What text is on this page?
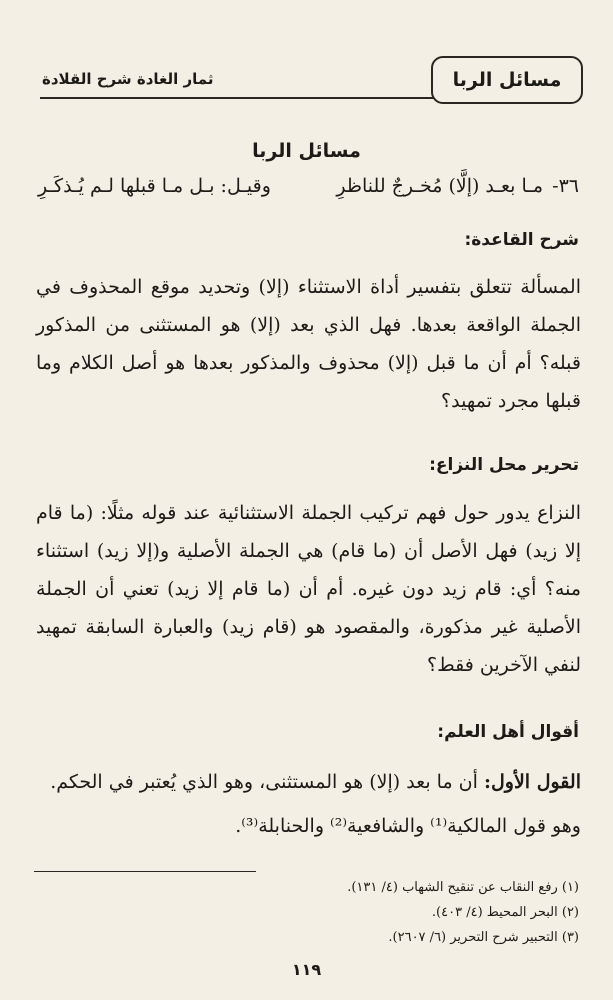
مسائل الربا
ثمار الغادة شرح القلادة
مسائل الربا
٣٦-
مـا بعـد (إلَّا) مُخـرجٌ للناظرِ
وقيـل: بـل مـا قبلها لـم يُـذكَـرِ
شرح القاعدة:

المسألة تتعلق بتفسير أداة الاستثناء (إلا) وتحديد موقع المحذوف في الجملة الواقعة بعدها. فهل الذي بعد (إلا) هو المستثنى من المذكور قبله؟ أم أن ما قبل (إلا) محذوف والمذكور بعدها هو أصل الكلام وما قبلها مجرد تمهيد؟

تحرير محل النزاع:

النزاع يدور حول فهم تركيب الجملة الاستثنائية عند قوله مثلًا: (ما قام إلا زيد) فهل الأصل أن (ما قام) هي الجملة الأصلية و(إلا زيد) استثناء منه؟ أي: قام زيد دون غيره. أم أن (ما قام إلا زيد) تعني أن الجملة الأصلية غير مذكورة، والمقصود هو (قام زيد) والعبارة السابقة تمهيد لنفي الآخرين فقط؟

أقوال أهل العلم:

القول الأول: أن ما بعد (إلا) هو المستثنى، وهو الذي يُعتبر في الحكم.

وهو قول المالكية⁽¹⁾ والشافعية⁽²⁾ والحنابلة⁽³⁾.

(١) رفع النقاب عن تنقيح الشهاب (٤/ ١٣١).
(٢) البحر المحيط (٤/ ٤٠٣).
(٣) التحبير شرح التحرير (٦/ ٢٦٠٧).
١١٩
